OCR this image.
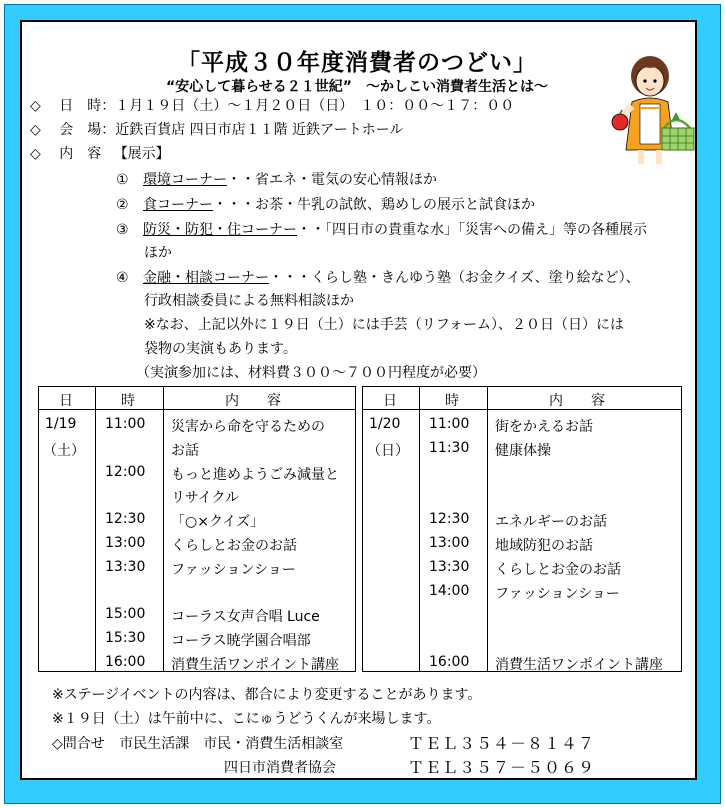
「平成３０年度消費者のつどい」
“安心して暮らせる２１世紀”　～かしこい消費者生活とは～
◇ 日　時：１月１９日（土）～１月２０日（日）　１０：００～１７：００
◇ 会　場：近鉄百貨店 四日市店１１階 近鉄アートホール
◇ 内　容 【展示】
① 環境コーナー・・省エネ・電気の安心情報ほか
② 食コーナー・・・お茶・牛乳の試飲、鶏めしの展示と試食ほか
③ 防災・防犯・住コーナー・・「四日市の貴重な水」「災害への備え」等の各種展示
ほか
④ 金融・相談コーナー・・・くらし塾・きんゆう塾（お金クイズ、塗り絵など）、
行政相談委員による無料相談ほか
※なお、上記以外に１９日（土）には手芸（リフォーム）、２０日（日）には
袋物の実演もあります。
（実演参加には、材料費３００～７００円程度が必要）
日	時	内　　容
1/19
（土）
11:00 災害から命を守るための
お話
12:00 もっと進めようごみ減量と
リサイクル
12:30 「○×クイズ」
13:00 くらしとお金のお話
13:30 ファッションショー
15:00 コーラス女声合唱 Luce
15:30 コーラス暁学園合唱部
16:00 消費生活ワンポイント講座
日	時	内　　容
1/20
（日）
11:00 街をかえるお話
11:30 健康体操
12:30 エネルギーのお話
13:00 地域防犯のお話
13:30 くらしとお金のお話
14:00 ファッションショー
16:00 消費生活ワンポイント講座
※ステージイベントの内容は、都合により変更することがあります。
※１９日（土）は午前中に、こにゅうどうくんが来場します。
◇問合せ 市民生活課　市民・消費生活相談室	ＴＥＬ３５４－８１４７
四日市消費者協会	ＴＥＬ３５７－５０６９
